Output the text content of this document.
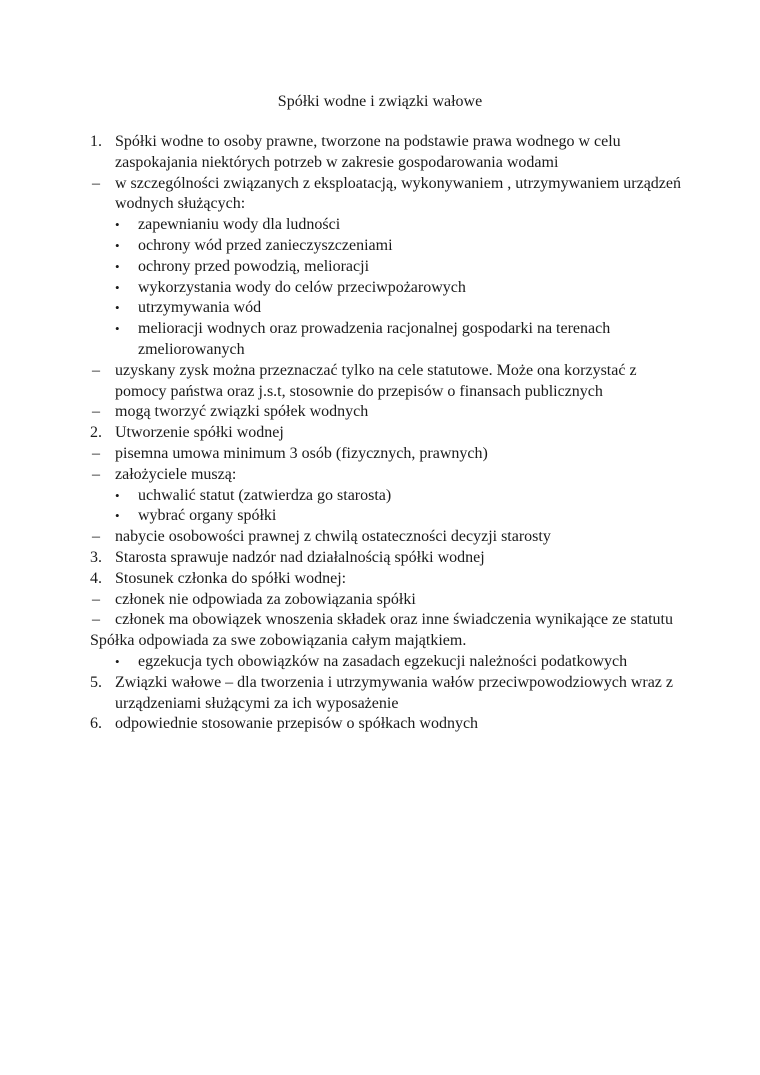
Spółki wodne i związki wałowe
1. Spółki wodne to osoby prawne, tworzone na podstawie prawa wodnego w celu zaspokajania niektórych potrzeb w zakresie gospodarowania wodami
– w szczególności związanych z eksploatacją, wykonywaniem , utrzymywaniem urządzeń wodnych służących:
• zapewnianiu wody dla ludności
• ochrony wód przed zanieczyszczeniami
• ochrony przed powodzią, melioracji
• wykorzystania wody do celów przeciwpożarowych
• utrzymywania wód
• melioracji wodnych oraz prowadzenia racjonalnej gospodarki na terenach zmeliorowanych
– uzyskany zysk można przeznaczać tylko na cele statutowe. Może ona korzystać z pomocy państwa oraz j.s.t, stosownie do przepisów o finansach publicznych
– mogą tworzyć związki spółek wodnych
2. Utworzenie spółki wodnej
– pisemna umowa minimum 3 osób (fizycznych, prawnych)
– założyciele muszą:
• uchwalić statut (zatwierdza go starosta)
• wybrać organy spółki
– nabycie osobowości prawnej z chwilą ostateczności decyzji starosty
3. Starosta sprawuje nadzór nad działalnością spółki wodnej
4. Stosunek członka do spółki wodnej:
– członek nie odpowiada za zobowiązania spółki
– członek ma obowiązek wnoszenia składek oraz inne świadczenia wynikające ze statutu
Spółka odpowiada za swe zobowiązania całym majątkiem.
• egzekucja tych obowiązków na zasadach egzekucji należności podatkowych
5. Związki wałowe – dla tworzenia i utrzymywania wałów przeciwpowodziowych wraz z urządzeniami służącymi za ich wyposażenie
6. odpowiednie stosowanie przepisów o spółkach wodnych
